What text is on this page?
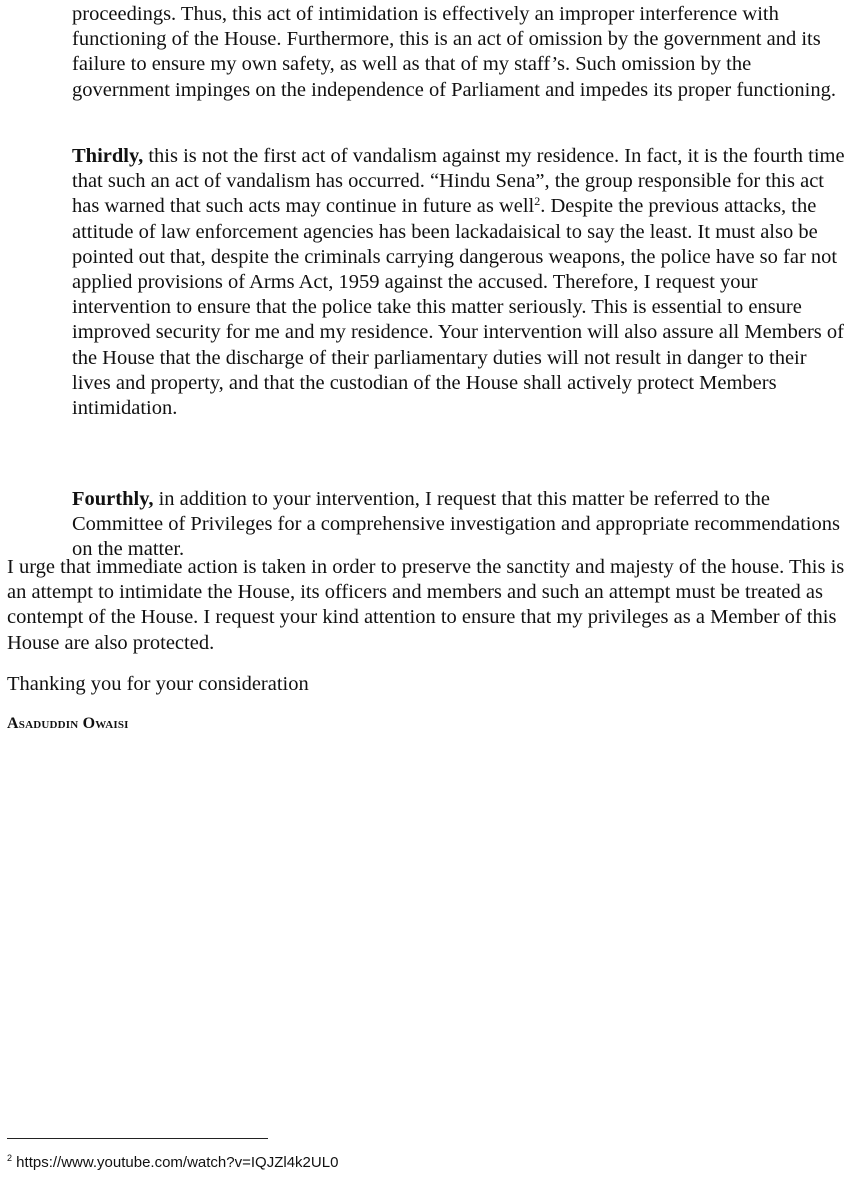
proceedings. Thus, this act of intimidation is effectively an improper interference with functioning of the House. Furthermore, this is an act of omission by the government and its failure to ensure my own safety, as well as that of my staff’s. Such omission by the government impinges on the independence of Parliament and impedes its proper functioning.

Thirdly, this is not the first act of vandalism against my residence. In fact, it is the fourth time that such an act of vandalism has occurred. “Hindu Sena”, the group responsible for this act has warned that such acts may continue in future as well$^2$. Despite the previous attacks, the attitude of law enforcement agencies has been lackadaisical to say the least. It must also be pointed out that, despite the criminals carrying dangerous weapons, the police have so far not applied provisions of Arms Act, 1959 against the accused. Therefore, I request your intervention to ensure that the police take this matter seriously. This is essential to ensure improved security for me and my residence. Your intervention will also assure all Members of the House that the discharge of their parliamentary duties will not result in danger to their lives and property, and that the custodian of the House shall actively protect Members intimidation.

Fourthly, in addition to your intervention, I request that this matter be referred to the Committee of Privileges for a comprehensive investigation and appropriate recommendations on the matter.

I urge that immediate action is taken in order to preserve the sanctity and majesty of the house. This is an attempt to intimidate the House, its officers and members and such an attempt must be treated as contempt of the House. I request your kind attention to ensure that my privileges as a Member of this House are also protected.

Thanking you for your consideration

Asaduddin Owaisi
$^2$ https://www.youtube.com/watch?v=IQJZl4k2UL0
